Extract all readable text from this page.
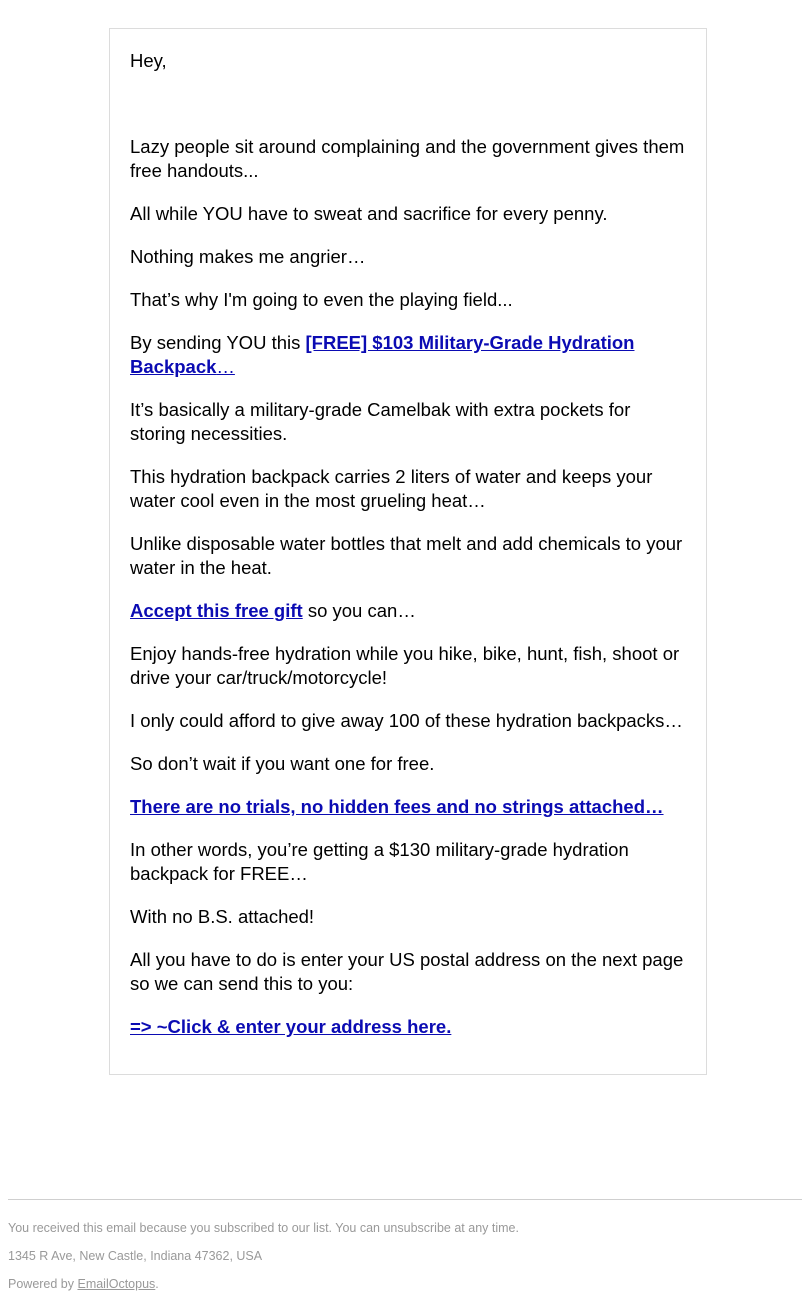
Hey,

Lazy people sit around complaining and the government gives them free handouts...

All while YOU have to sweat and sacrifice for every penny.

Nothing makes me angrier…

That’s why I'm going to even the playing field...

By sending YOU this [FREE] $103 Military-Grade Hydration Backpack…

It’s basically a military-grade Camelbak with extra pockets for storing necessities.

This hydration backpack carries 2 liters of water and keeps your water cool even in the most grueling heat…

Unlike disposable water bottles that melt and add chemicals to your water in the heat.

Accept this free gift so you can…

Enjoy hands-free hydration while you hike, bike, hunt, fish, shoot or drive your car/truck/motorcycle!

I only could afford to give away 100 of these hydration backpacks…

So don’t wait if you want one for free.

There are no trials, no hidden fees and no strings attached…

In other words, you’re getting a $130 military-grade hydration backpack for FREE…

With no B.S. attached!

All you have to do is enter your US postal address on the next page so we can send this to you:

=> ~Click & enter your address here.

You received this email because you subscribed to our list. You can unsubscribe at any time.
1345 R Ave, New Castle, Indiana 47362, USA
Powered by EmailOctopus.
